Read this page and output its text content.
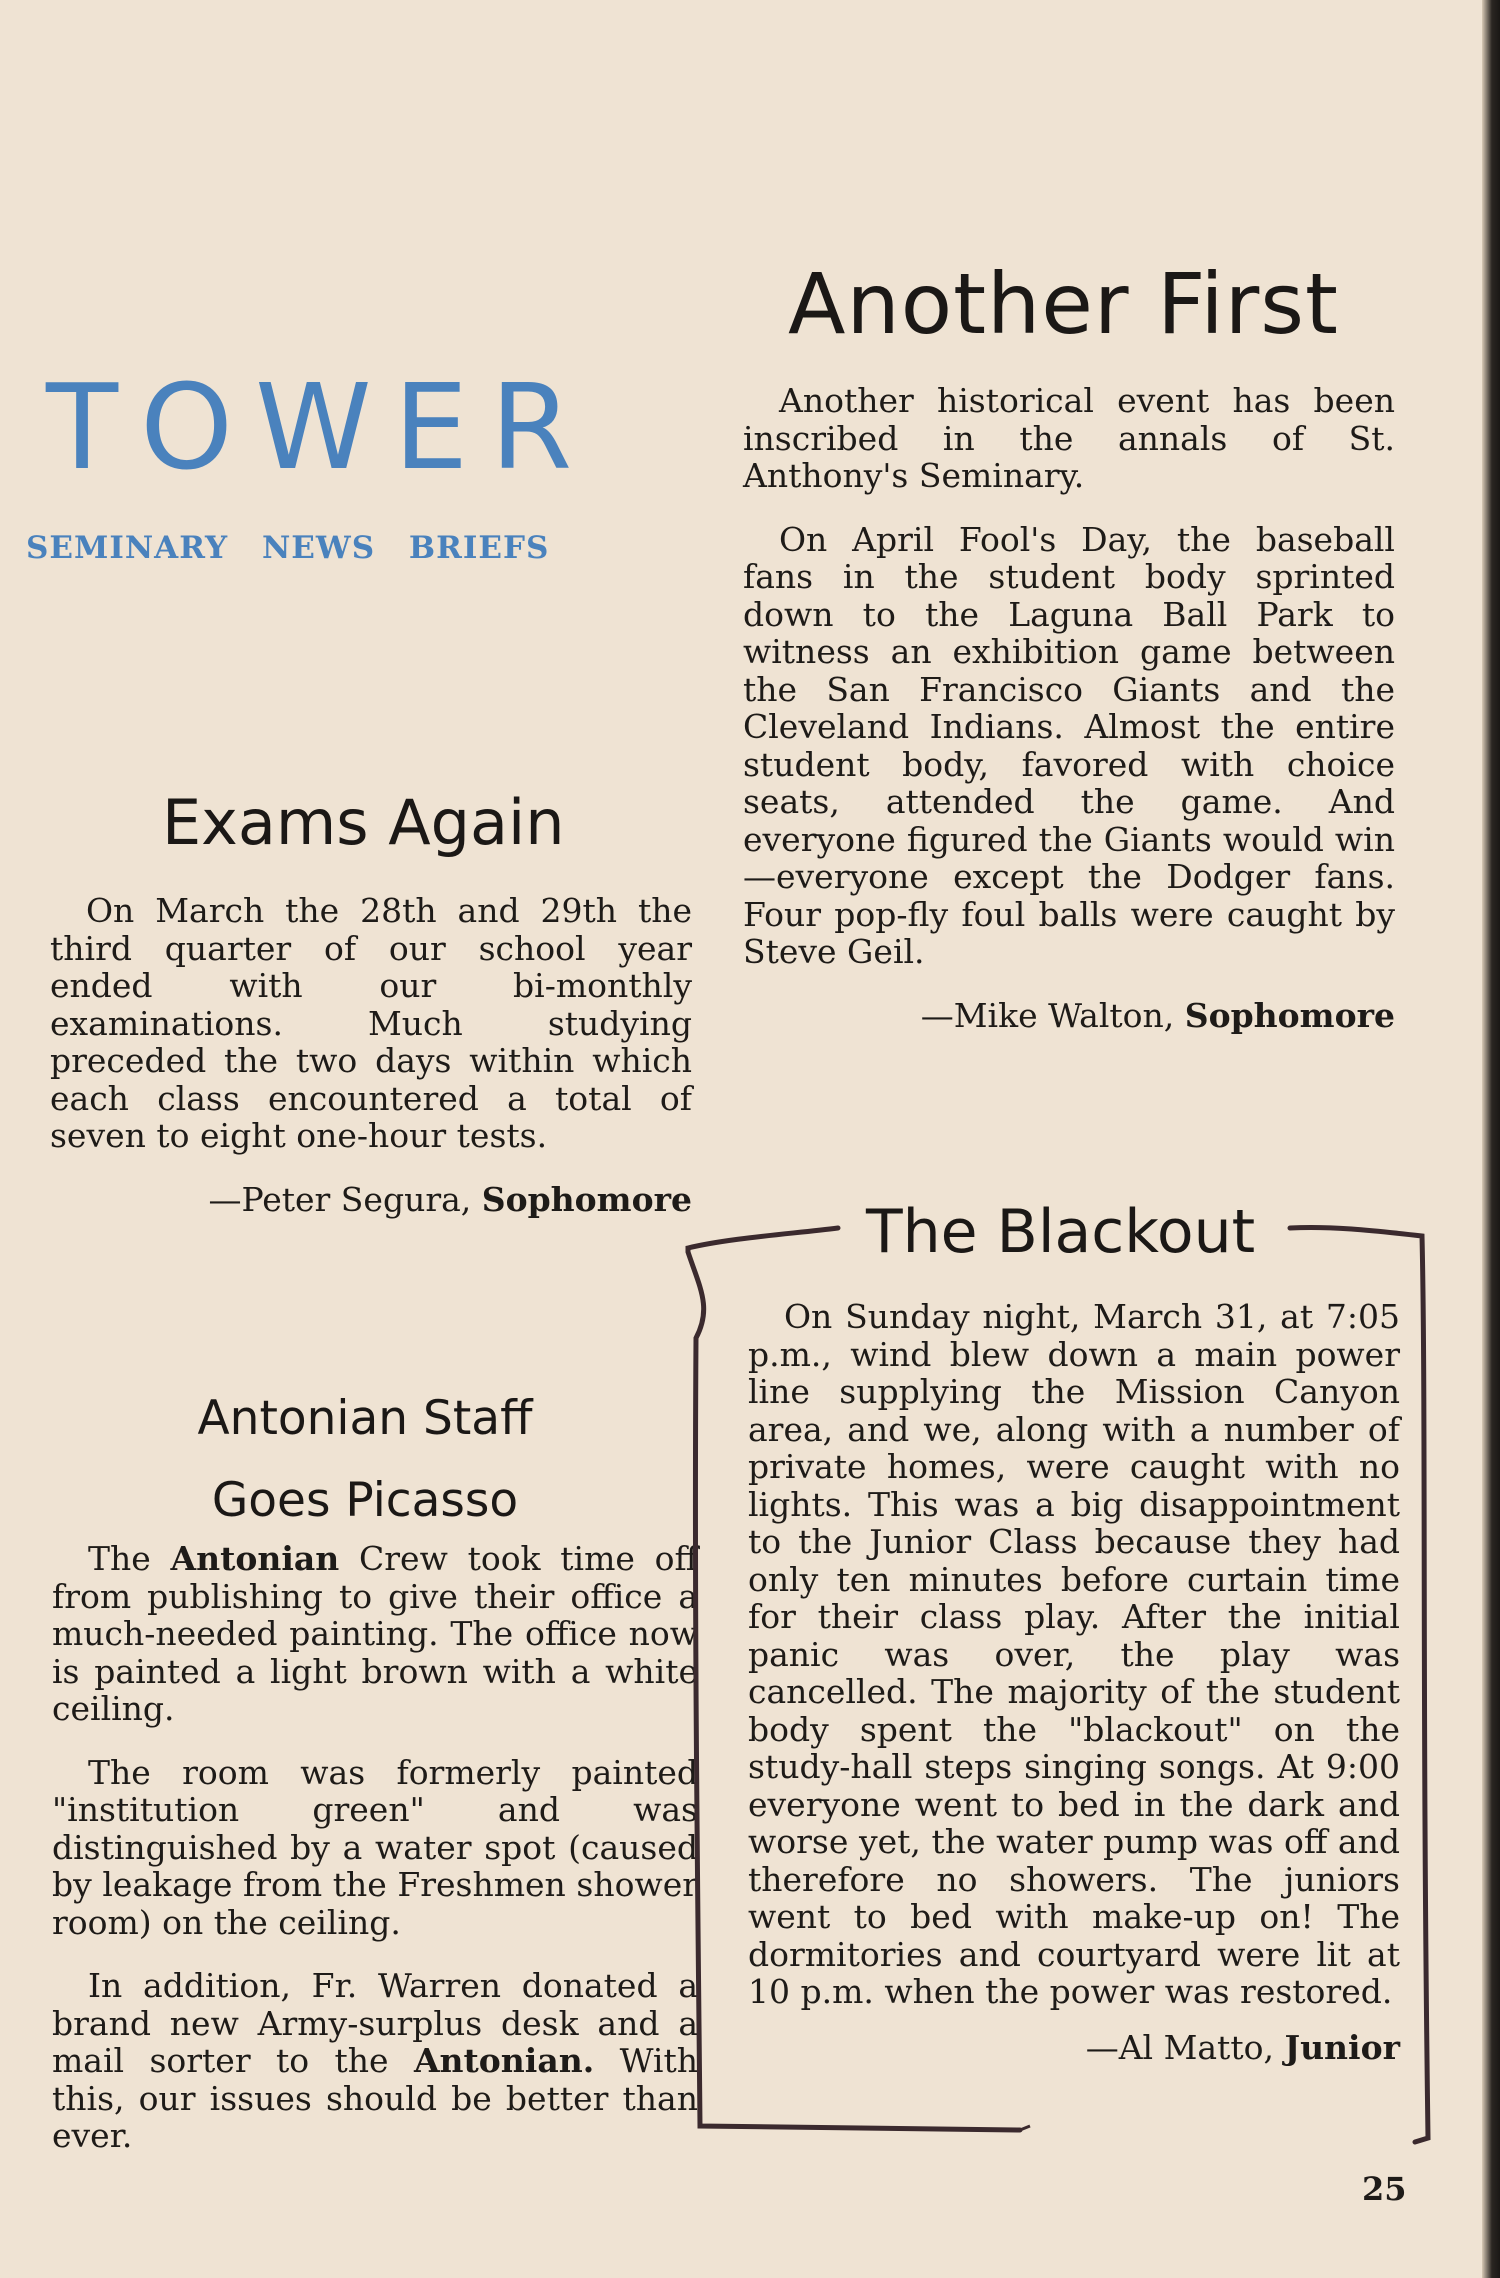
TOWER
SEMINARY NEWS BRIEFS
Another First

Another historical event has been inscribed in the annals of St. Anthony's Seminary.

On April Fool's Day, the baseball fans in the student body sprinted down to the Laguna Ball Park to witness an exhibition game between the San Francisco Giants and the Cleveland Indians. Almost the entire student body, favored with choice seats, attended the game. And everyone figured the Giants would win—everyone except the Dodger fans. Four pop-fly foul balls were caught by Steve Geil.

—Mike Walton, Sophomore

Exams Again

On March the 28th and 29th the third quarter of our school year ended with our bi-monthly examinations. Much studying preceded the two days within which each class encountered a total of seven to eight one-hour tests.

—Peter Segura, Sophomore

Antonian Staff
Goes Picasso

The Antonian Crew took time off from publishing to give their office a much-needed painting. The office now is painted a light brown with a white ceiling.

The room was formerly painted "institution green" and was distinguished by a water spot (caused by leakage from the Freshmen shower room) on the ceiling.

In addition, Fr. Warren donated a brand new Army-surplus desk and a mail sorter to the Antonian. With this, our issues should be better than ever.

The Blackout

On Sunday night, March 31, at 7:05 p.m., wind blew down a main power line supplying the Mission Canyon area, and we, along with a number of private homes, were caught with no lights. This was a big disappointment to the Junior Class because they had only ten minutes before curtain time for their class play. After the initial panic was over, the play was cancelled. The majority of the student body spent the "blackout" on the study-hall steps singing songs. At 9:00 everyone went to bed in the dark and worse yet, the water pump was off and therefore no showers. The juniors went to bed with make-up on! The dormitories and courtyard were lit at 10 p.m. when the power was restored.

—Al Matto, Junior

25
